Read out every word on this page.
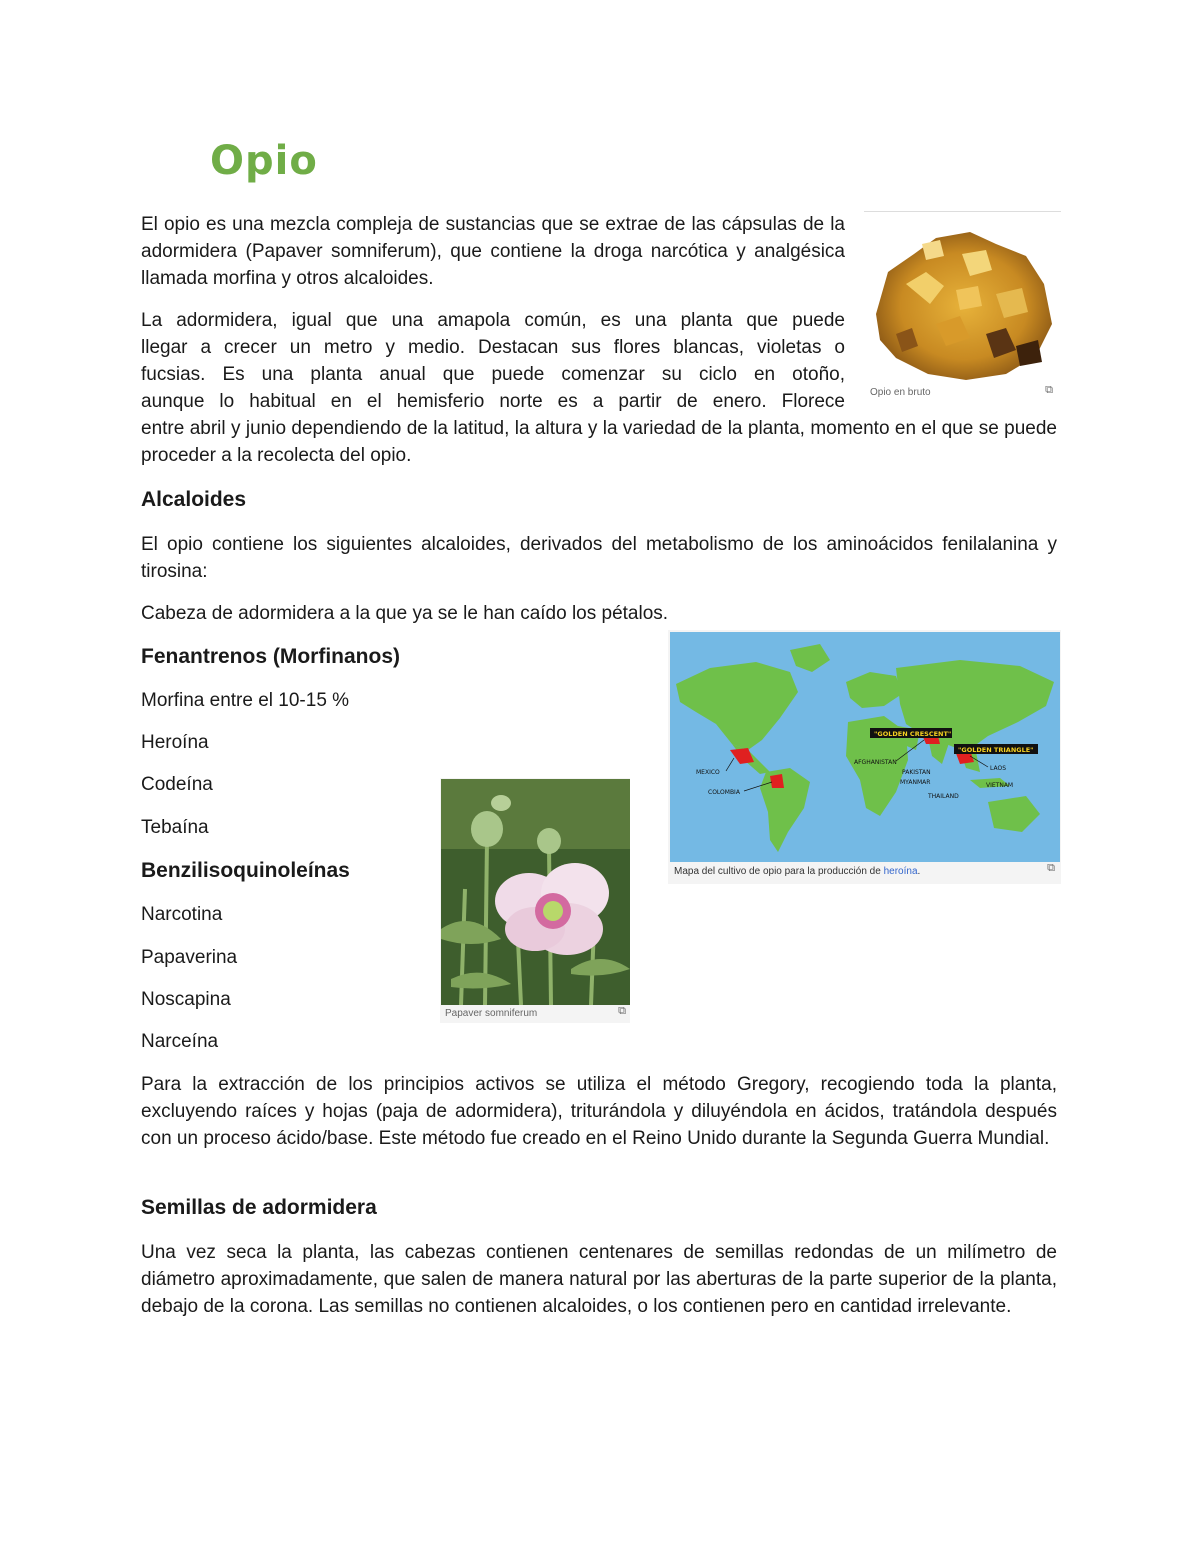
Opio

El opio es una mezcla compleja de sustancias que se extrae de las cápsulas de la adormidera (Papaver somniferum), que contiene la droga narcótica y analgésica llamada morfina y otros alcaloides.

La adormidera, igual que una amapola común, es una planta que puede

llegar a crecer un metro y medio. Destacan sus flores blancas, violetas o

fucsias. Es una planta anual que puede comenzar su ciclo en otoño,

aunque lo habitual en el hemisferio norte es a partir de enero. Florece

entre abril y junio dependiendo de la latitud, la altura y la variedad de la planta, momento en el que se puede proceder a la recolecta del opio.

Opio en bruto	⧉
Alcaloides

El opio contiene los siguientes alcaloides, derivados del metabolismo de los aminoácidos fenilalanina y tirosina:

Cabeza de adormidera a la que ya se le han caído los pétalos.

"GOLDEN CRESCENT"
"GOLDEN TRIANGLE"
MEXICO
COLOMBIA
AFGHANISTAN
PAKISTAN
MYANMAR
THAILAND
LAOS
VIETNAM
Mapa del cultivo de opio para la producción de heroína.	⧉
Fenantrenos (Morfinanos)

Morfina entre el 10-15 %

Heroína

Codeína

Tebaína

Benzilisoquinoleínas

Narcotina

Papaverina

Noscapina

Narceína

Papaver somniferum	⧉

Para la extracción de los principios activos se utiliza el método Gregory, recogiendo toda la planta, excluyendo raíces y hojas (paja de adormidera), triturándola y diluyéndola en ácidos, tratándola después con un proceso ácido/base. Este método fue creado en el Reino Unido durante la Segunda Guerra Mundial.

Semillas de adormidera

Una vez seca la planta, las cabezas contienen centenares de semillas redondas de un milímetro de diámetro aproximadamente, que salen de manera natural por las aberturas de la parte superior de la planta, debajo de la corona. Las semillas no contienen alcaloides, o los contienen pero en cantidad irrelevante.
